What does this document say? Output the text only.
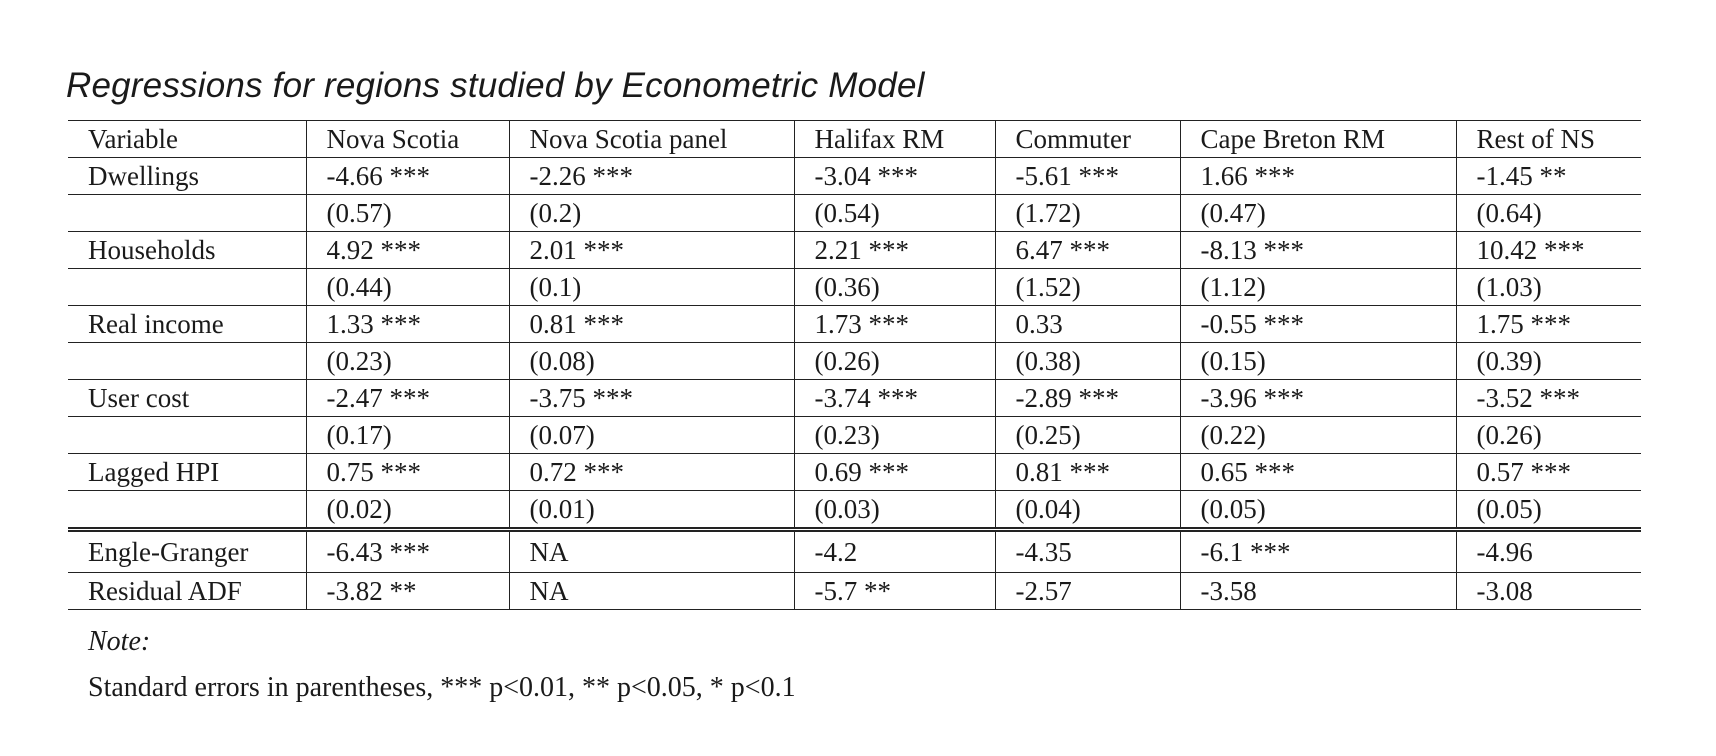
Regressions for regions studied by Econometric Model
Variable	Nova Scotia	Nova Scotia panel	Halifax RM	Commuter	Cape Breton RM	Rest of NS
Dwellings	-4.66 ***	-2.26 ***	-3.04 ***	-5.61 ***	1.66 ***	-1.45 **
	(0.57)	(0.2)	(0.54)	(1.72)	(0.47)	(0.64)
Households	4.92 ***	2.01 ***	2.21 ***	6.47 ***	-8.13 ***	10.42 ***
	(0.44)	(0.1)	(0.36)	(1.52)	(1.12)	(1.03)
Real income	1.33 ***	0.81 ***	1.73 ***	0.33	-0.55 ***	1.75 ***
	(0.23)	(0.08)	(0.26)	(0.38)	(0.15)	(0.39)
User cost	-2.47 ***	-3.75 ***	-3.74 ***	-2.89 ***	-3.96 ***	-3.52 ***
	(0.17)	(0.07)	(0.23)	(0.25)	(0.22)	(0.26)
Lagged HPI	0.75 ***	0.72 ***	0.69 ***	0.81 ***	0.65 ***	0.57 ***
	(0.02)	(0.01)	(0.03)	(0.04)	(0.05)	(0.05)
Engle-Granger	-6.43 ***	NA	-4.2	-4.35	-6.1 ***	-4.96
Residual ADF	-3.82 **	NA	-5.7 **	-2.57	-3.58	-3.08
Note:
Standard errors in parentheses, *** p<0.01, ** p<0.05, * p<0.1
